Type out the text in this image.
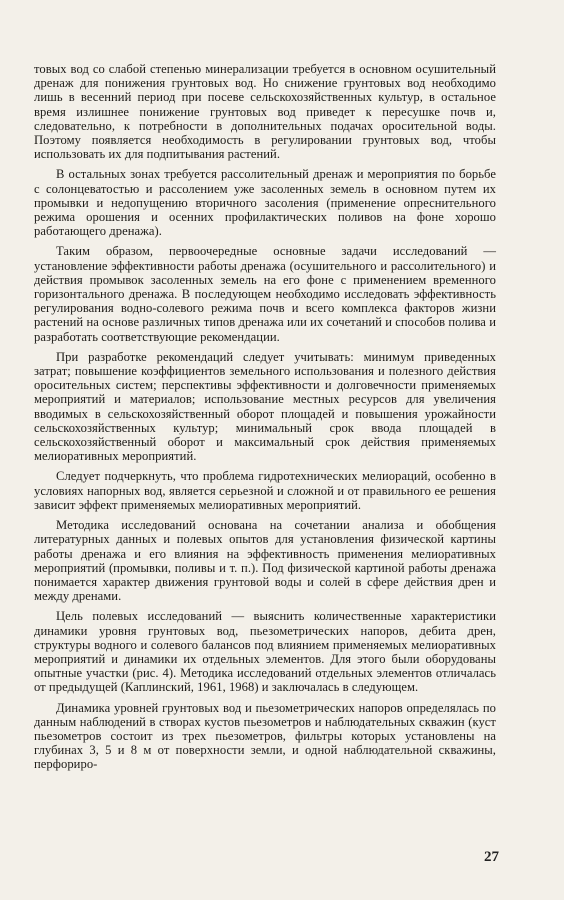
товых вод со слабой степенью минерализации требуется в основном осушительный дренаж для понижения грунтовых вод. Но снижение грунтовых вод необходимо лишь в весенний период при посеве сельскохозяйственных культур, в остальное время излишнее понижение грунтовых вод приведет к пересушке почв и, следовательно, к потребности в дополнительных подачах оросительной воды. Поэтому появляется необходимость в регулировании грунтовых вод, чтобы использовать их для подпитывания растений.

В остальных зонах требуется рассолительный дренаж и мероприятия по борьбе с солонцеватостью и рассолением уже засоленных земель в основном путем их промывки и недопущению вторичного засоления (применение опреснительного режима орошения и осенних профилактических поливов на фоне хорошо работающего дренажа).

Таким образом, первоочередные основные задачи исследований — установление эффективности работы дренажа (осушительного и рассолительного) и действия промывок засоленных земель на его фоне с применением временного горизонтального дренажа. В последующем необходимо исследовать эффективность регулирования водно-солевого режима почв и всего комплекса факторов жизни растений на основе различных типов дренажа или их сочетаний и способов полива и разработать соответствующие рекомендации.

При разработке рекомендаций следует учитывать: минимум приведенных затрат; повышение коэффициентов земельного использования и полезного действия оросительных систем; перспективы эффективности и долговечности применяемых мероприятий и материалов; использование местных ресурсов для увеличения вводимых в сельскохозяйственный оборот площадей и повышения урожайности сельскохозяйственных культур; минимальный срок ввода площадей в сельскохозяйственный оборот и максимальный срок действия применяемых мелиоративных мероприятий.

Следует подчеркнуть, что проблема гидротехнических мелиораций, особенно в условиях напорных вод, является серьезной и сложной и от правильного ее решения зависит эффект применяемых мелиоративных мероприятий.

Методика исследований основана на сочетании анализа и обобщения литературных данных и полевых опытов для установления физической картины работы дренажа и его влияния на эффективность применения мелиоративных мероприятий (промывки, поливы и т. п.). Под физической картиной работы дренажа понимается характер движения грунтовой воды и солей в сфере действия дрен и между дренами.

Цель полевых исследований — выяснить количественные характеристики динамики уровня грунтовых вод, пьезометрических напоров, дебита дрен, структуры водного и солевого балансов под влиянием применяемых мелиоративных мероприятий и динамики их отдельных элементов. Для этого были оборудованы опытные участки (рис. 4). Методика исследований отдельных элементов отличалась от предыдущей (Каплинский, 1961, 1968) и заключалась в следующем.

Динамика уровней грунтовых вод и пьезометрических напоров определялась по данным наблюдений в створах кустов пьезометров и наблюдательных скважин (куст пьезометров состоит из трех пьезометров, фильтры которых установлены на глубинах 3, 5 и 8 м от поверхности земли, и одной наблюдательной скважины, перфориро-

27
